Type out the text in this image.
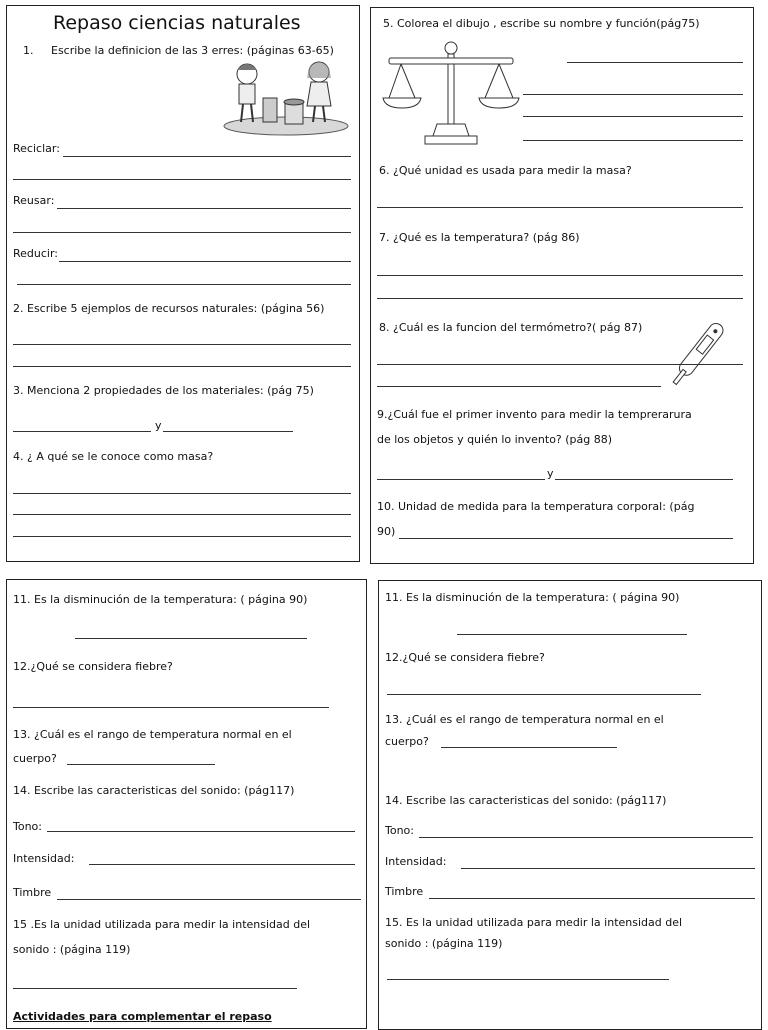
Repaso ciencias naturales
1. Escribe la definicion de las 3 erres: (páginas 63-65)
Reciclar:
Reusar:
Reducir:
2. Escribe 5 ejemplos de recursos naturales: (página 56)
3. Menciona 2 propiedades de los materiales: (pág 75)
y
4. ¿ A qué se le conoce como masa?
5. Colorea el dibujo , escribe su nombre y función(pág75)
6. ¿Qué unidad es usada para medir la masa?
7. ¿Qué es la temperatura? (pág 86)
8. ¿Cuál es la funcion del termómetro?( pág 87)
9.¿Cuál fue el primer invento para medir la temprerarura
de los objetos y quién lo invento? (pág 88)
y
10. Unidad de medida para la temperatura corporal: (pág
90)
11. Es la disminución de la temperatura: ( página 90)
12.¿Qué se considera fiebre?
13. ¿Cuál es el rango de temperatura normal en el
cuerpo?
14. Escribe las caracteristicas del sonido: (pág117)
Tono:
Intensidad:
Timbre
15 .Es la unidad utilizada para medir la intensidad del
sonido : (página 119)
Actividades para complementar el repaso
11. Es la disminución de la temperatura: ( página 90)
12.¿Qué se considera fiebre?
13. ¿Cuál es el rango de temperatura normal en el
cuerpo?
14. Escribe las caracteristicas del sonido: (pág117)
Tono:
Intensidad:
Timbre
15. Es la unidad utilizada para medir la intensidad del
sonido : (página 119)
